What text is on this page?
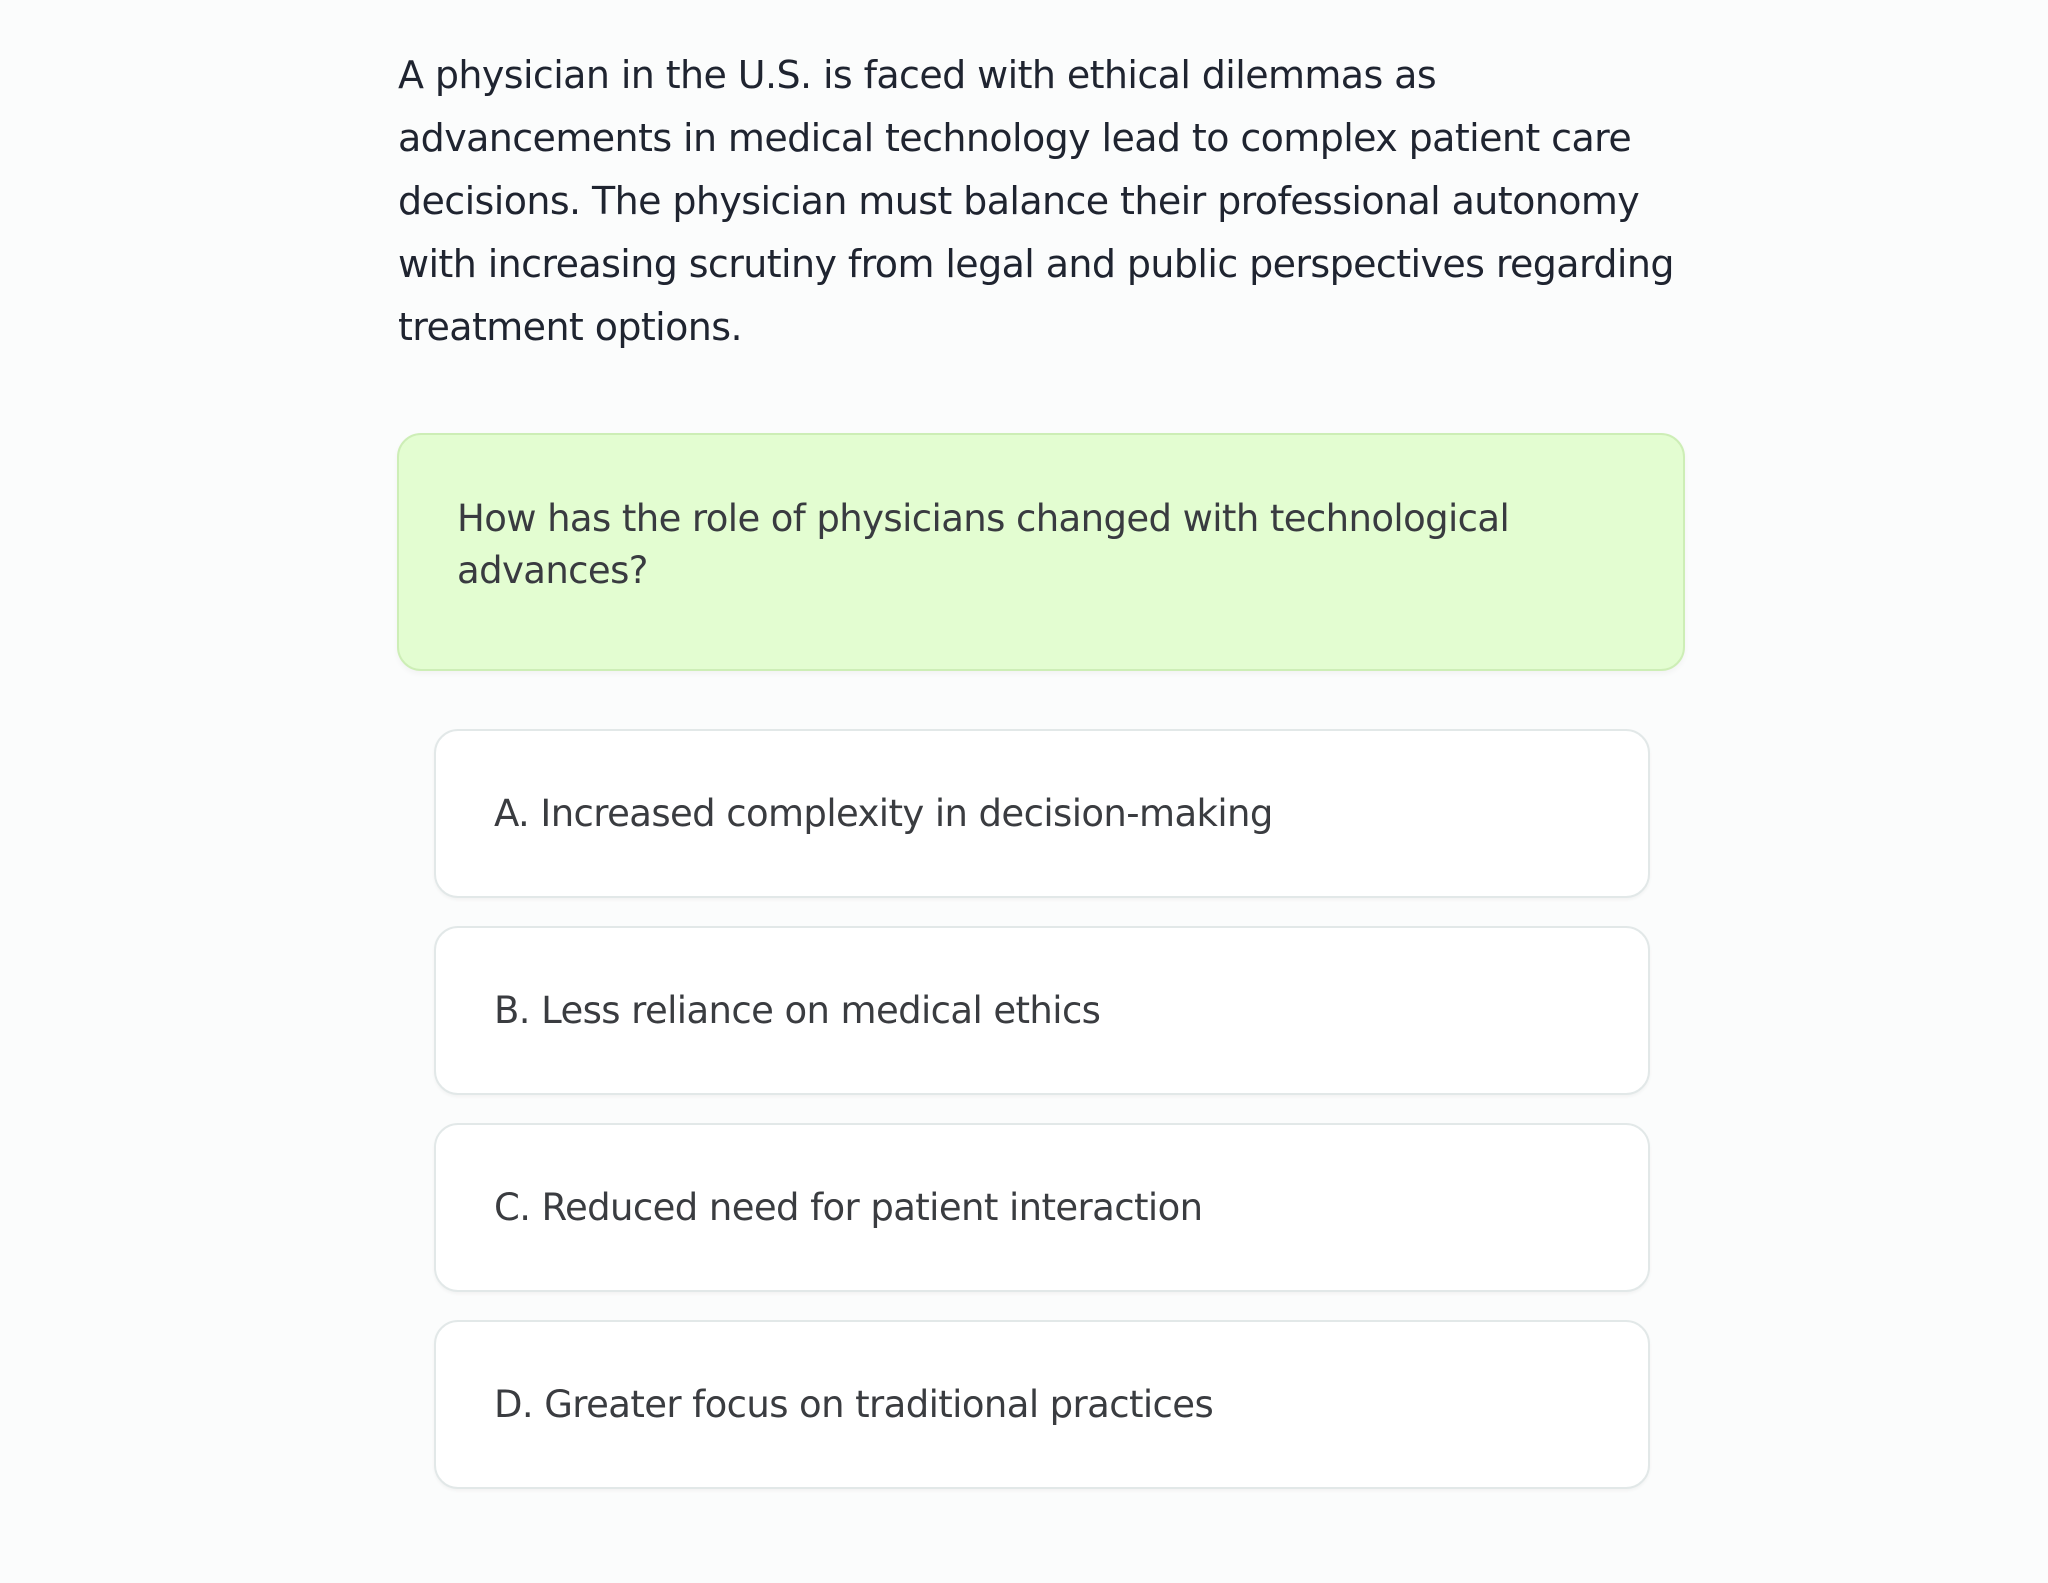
A physician in the U.S. is faced with ethical dilemmas as advancements in medical technology lead to complex patient care decisions. The physician must balance their professional autonomy with increasing scrutiny from legal and public perspectives regarding treatment options.

How has the role of physicians changed with technological advances?

A. Increased complexity in decision-making
B. Less reliance on medical ethics
C. Reduced need for patient interaction
D. Greater focus on traditional practices
